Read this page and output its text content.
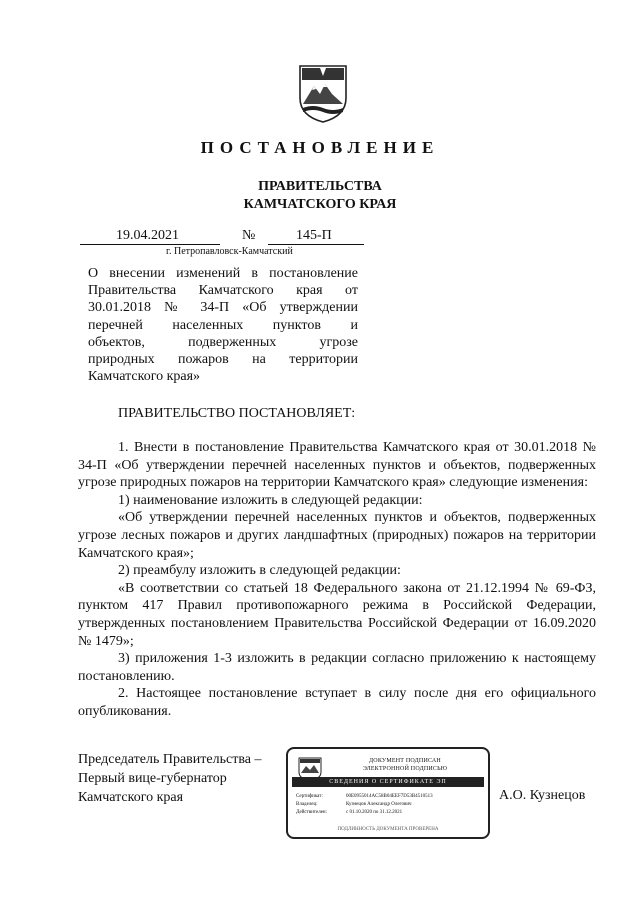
ПОСТАНОВЛЕНИЕ
ПРАВИТЕЛЬСТВА
КАМЧАТСКОГО КРАЯ
19.04.2021	№	145-П
г. Петропавловск-Камчатский
О внесении изменений в постановление
Правительства Камчатского края от
30.01.2018 № 34-П «Об утверждении
перечней населенных пунктов и
объектов, подверженных угрозе
природных пожаров на территории
Камчатского края»
ПРАВИТЕЛЬСТВО ПОСТАНОВЛЯЕТ:

1. Внести в постановление Правительства Камчатского края от 30.01.2018 № 34-П «Об утверждении перечней населенных пунктов и объектов, подверженных угрозе природных пожаров на территории Камчатского края» следующие изменения:

1) наименование изложить в следующей редакции:

«Об утверждении перечней населенных пунктов и объектов, подверженных угрозе лесных пожаров и других ландшафтных (природных) пожаров на территории Камчатского края»;

2) преамбулу изложить в следующей редакции:

«В соответствии со статьей 18 Федерального закона от 21.12.1994 № 69-ФЗ, пунктом 417 Правил противопожарного режима в Российской Федерации, утвержденных постановлением Правительства Российской Федерации от 16.09.2020 № 1479»;

3) приложения 1-3 изложить в редакции согласно приложению к настоящему постановлению.

2. Настоящее постановление вступает в силу после дня его официального опубликования.

Председатель Правительства –
Первый вице-губернатор
Камчатского края
ДОКУМЕНТ ПОДПИСАН
ЭЛЕКТРОННОЙ ПОДПИСЬЮ
СВЕДЕНИЯ О СЕРТИФИКАТЕ ЭП
Сертификат:	00E0955014AC58B04EEF7D53B4510513
Владелец:	Кузнецов Александр Олегович
Действителен:	с 01.10.2020 по 31.12.2021
ПОДЛИННОСТЬ ДОКУМЕНТА ПРОВЕРЕНА
А.О. Кузнецов
